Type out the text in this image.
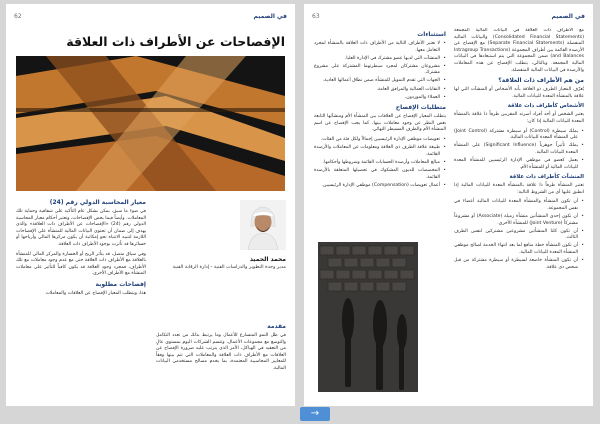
في الصميم
62
الإفصاحات عن الأطراف ذات العلاقة
معيار المحاسبة الدولي رقم (24)

في ضوء ما سبق، يمكن بشكل عام التأكيد على شفافية وحماية تلك المعاملات. وأيضاً فيما يخص الإفصاحات، وتعتبر أحكام معيار المحاسبة الدولي رقم (24) «الإفصاحات عن الأطراف ذات العلاقة» والذي يهدف إلى ضمان أن تحتوي البيانات المالية للمنشأة على الإفصاحات اللازمة لتنبيه الانتباه نحو إمكانية أن يكون مركزها المالي وأرباحها أو خسائرها قد تأثرت بوجود الأطراف ذات العلاقة.

وفي سياق متصل، قد يتأثر الربح أو الخسارة والمركز المالي للمنشأة بالعلاقة مع الأطراف ذات العلاقة حتى مع عدم وجود معاملات مع تلك الأطراف، فمجرد وجود العلاقة قد يكون كافياً للتأثير على معاملات المنشأة مع الأطراف الأخرى.

إفصاحات مطلوبة

هذا، ويتطلب المعيار الإفصاح عن العلاقات والمعاملات

محمد الحميد
مدير وحدة التطوير والدراسات الفنية - إدارة الرقابة الفنية
مقدمة

في ظل النمو المتسارع للأعمال وما يرتبط بذلك من تعدد التكامل والتوسع مع مجموعات الأعمال، وتتسم الشركات اليوم بمستوى عالٍ من التعقيد في الهياكل، الأمر الذي يترتب عليه ضرورة الإفصاح عن العلاقات مع الأطراف ذات العلاقة والمعاملات التي تتم بينها وفقاً للمعايير المحاسبية المعتمدة، بما يخدم مصالح مستخدمي البيانات المالية.

في الصميم
63

مع الأطراف ذات العلاقة في البيانات المالية المجمعة (Consolidated Financial Statements) والبيانات المالية المنفصلة (Separate Financial Statements) مع الإفصاح عن الأرصدة القائمة بين أطراف المجموعة (Intragroup Transactions and Balances) ضمن المجموعة التي يتم استبعادها في البيانات المالية المجمعة. وبالتالي، يتطلب الإفصاح عن هذه المعاملات والأرصدة في البيانات المالية المنفصلة.

من هم الأطراف ذات العلاقة؟

يُعرّف المعيار الطرف ذو العلاقة بأنه الأشخاص أو المنشآت التي لها علاقة بالمنشأة المعدة للبيانات المالية.

الأشخاص كأطراف ذات علاقة

يعتبر الشخص أو أحد أفراد أسرته المقربين طرفاً ذا علاقة بالمنشأة المعدة للبيانات المالية إذا كان:

• يملك سيطرة (Control) أو سيطرة مشتركة (Joint Control) على المنشأة المعدة للبيانات المالية.
• يملك تأثيراً جوهرياً (Significant Influence) على المنشأة المعدة للبيانات المالية.
• يعمل كعضو في موظفي الإدارة الرئيسيين للمنشأة المعدة للبيانات المالية أو للمنشأة الأم.
المنشآت كأطراف ذات علاقة

تعتبر المنشأة طرفاً ذا علاقة بالمنشأة المعدة للبيانات المالية إذا انطبق عليها أي من الشروط التالية:

• أن تكون المنشأة والمنشأة المعدة للبيانات المالية أعضاء في نفس المجموعة.
• أن تكون إحدى المنشأتين منشأة زميلة (Associate) أو مشروعاً مشتركاً (Joint Venture) للمنشأة الأخرى.
• أن تكون كلتا المنشأتين مشروعين مشتركين لنفس الطرف الثالث.
• أن تكون المنشأة خطة منافع لما بعد انتهاء الخدمة لصالح موظفي المنشأة المعدة للبيانات المالية.
• أن تكون المنشأة خاضعة لسيطرة أو سيطرة مشتركة من قبل شخص ذي علاقة.
استثناءات
• لا تعتبر الأطراف التالية من الأطراف ذات العلاقة بالمنشأة لمجرد التعامل معها.
• المنشآت التي لديها عضو مشترك في الإدارة العليا.
• مشروعان مشتركان لمجرد سيطرتهما المشتركة على مشروع مشترك.
• الجهات التي تقدم التمويل للمنشأة ضمن نطاق أعمالها العادية.
• النقابات العمالية والمرافق العامة.
• العملاء والموردون.
متطلبات الإفصاح

يتطلب المعيار الإفصاح عن العلاقات بين المنشأة الأم ومنشآتها التابعة بغض النظر عن وجود معاملات بينها، كما يجب الإفصاح عن اسم المنشأة الأم والطرف المسيطر النهائي.

• تعويضات موظفي الإدارة الرئيسيين إجمالاً ولكل فئة من الفئات.
• طبيعة علاقة الطرف ذي العلاقة ومعلومات عن المعاملات والأرصدة القائمة.
• مبالغ المعاملات وأرصدة الحسابات القائمة وشروطها وأحكامها.
• المخصصات للديون المشكوك في تحصيلها المتعلقة بالأرصدة القائمة.
• أعمال تعويضات (Compensation) موظفي الإدارة الرئيسيين.
→
